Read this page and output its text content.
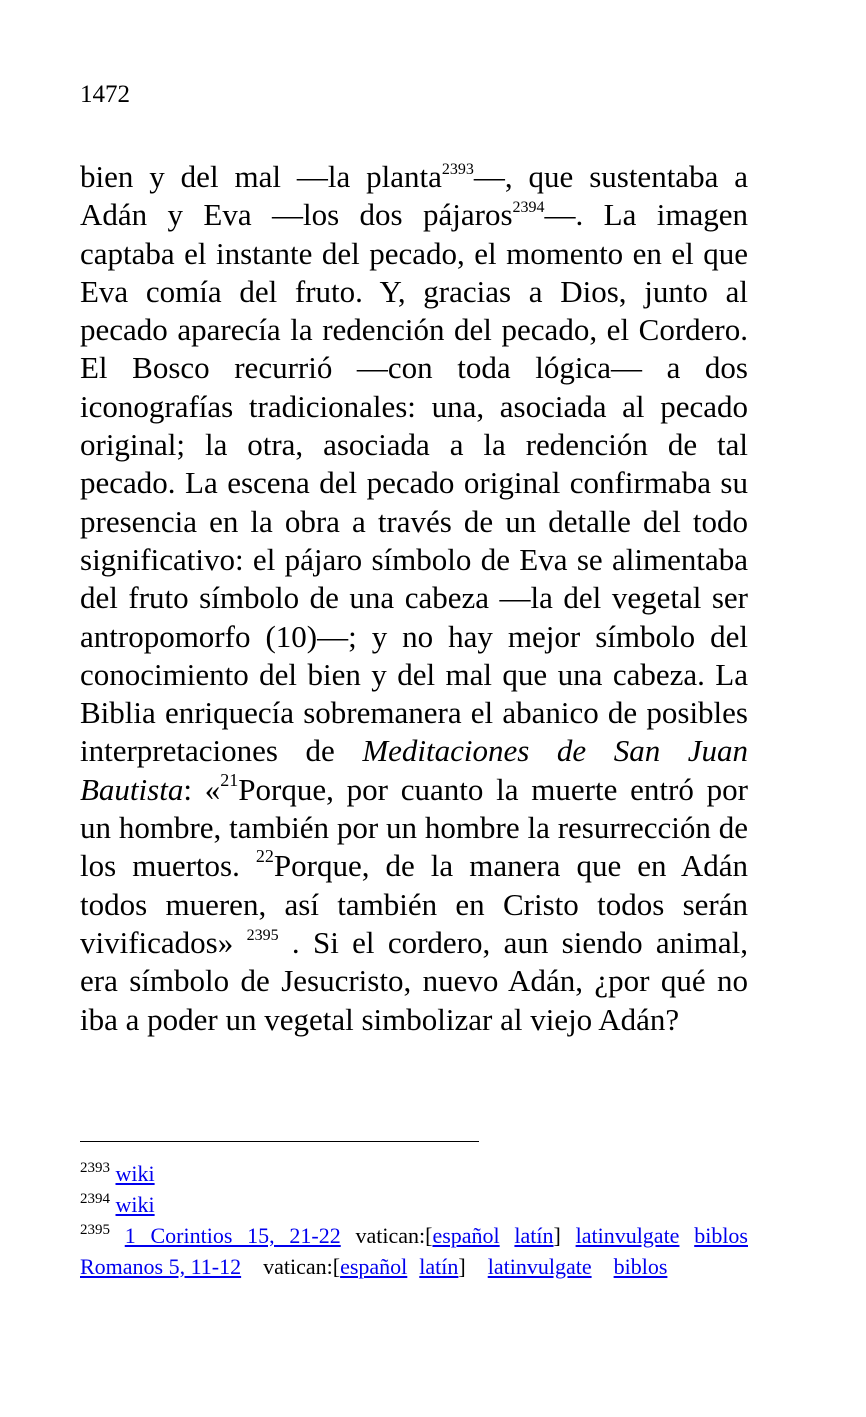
1472

bien y del mal —la planta$^{2393}$—, que sustentaba a Adán y Eva —los dos pájaros$^{2394}$—. La imagen captaba el instante del pecado, el momento en el que Eva comía del fruto. Y, gracias a Dios, junto al pecado aparecía la redención del pecado, el Cordero. El Bosco recurrió —con toda lógica— a dos iconografías tradicionales: una, asociada al pecado original; la otra, asociada a la redención de tal pecado. La escena del pecado original confirmaba su presencia en la obra a través de un detalle del todo significativo: el pájaro símbolo de Eva se alimentaba del fruto símbolo de una cabeza —la del vegetal ser antropomorfo (10)—; y no hay mejor símbolo del conocimiento del bien y del mal que una cabeza. La Biblia enriquecía sobremanera el abanico de posibles interpretaciones de Meditaciones de San Juan Bautista: «$^{21}$Porque, por cuanto la muerte entró por un hombre, también por un hombre la resurrección de los muertos. $^{22}$Porque, de la manera que en Adán todos mueren, así también en Cristo todos serán vivificados» $^{2395}$ . Si el cordero, aun siendo animal, era símbolo de Jesucristo, nuevo Adán, ¿por qué no iba a poder un vegetal simbolizar al viejo Adán?

$^{2393}$ wiki
$^{2394}$ wiki
$^{2395}$ 1 Corintios 15, 21-22 vatican:[español latín] latinvulgate biblos
Romanos 5, 11-12 vatican:[español latín] latinvulgate biblos
